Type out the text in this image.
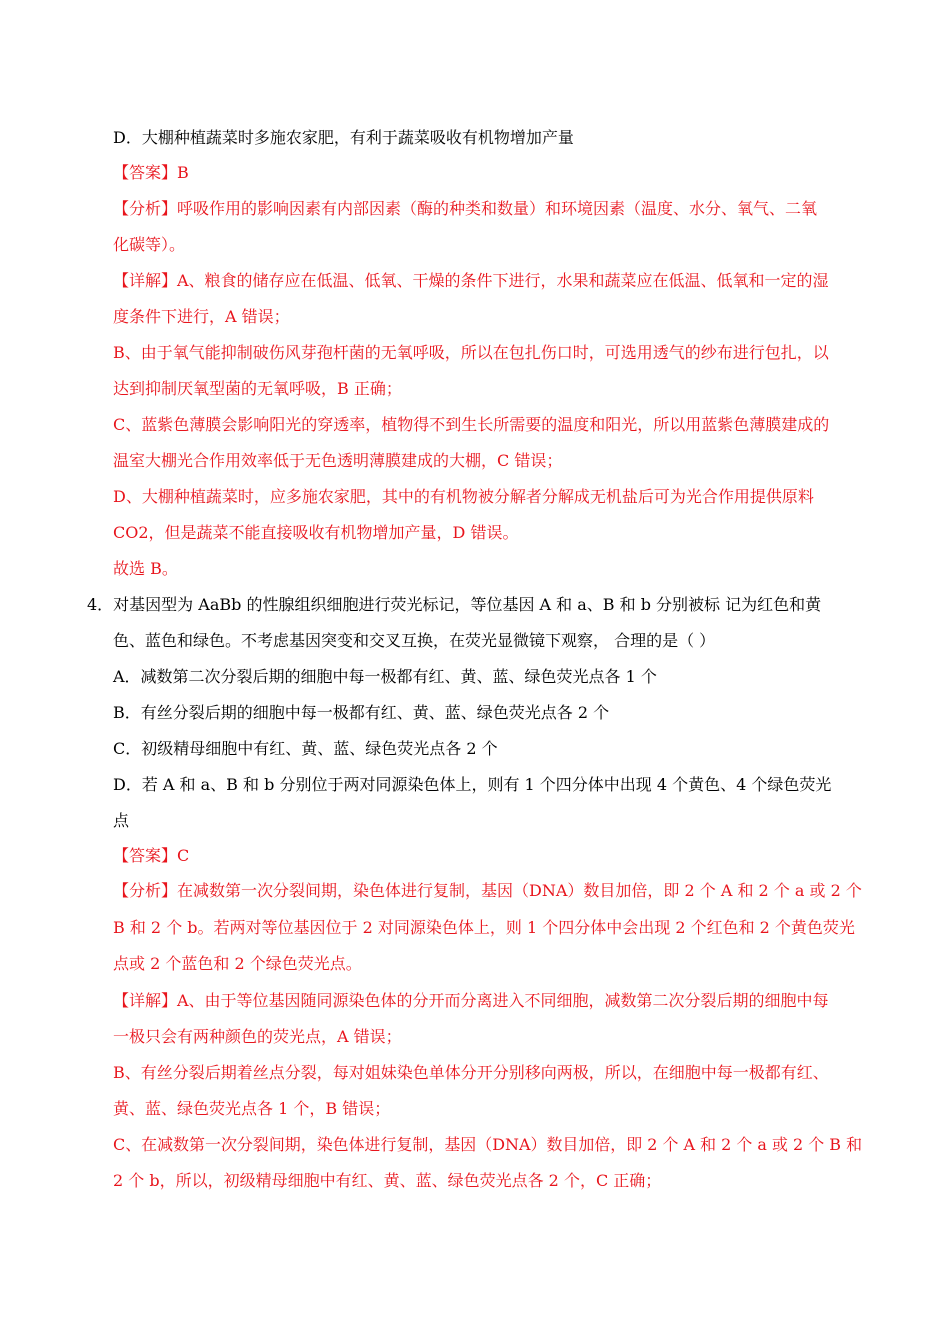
D．大棚种植蔬菜时多施农家肥，有利于蔬菜吸收有机物增加产量
【答案】B
【分析】呼吸作用的影响因素有内部因素（酶的种类和数量）和环境因素（温度、水分、氧气、二氧
化碳等）。
【详解】A、粮食的储存应在低温、低氧、干燥的条件下进行，水果和蔬菜应在低温、低氧和一定的湿
度条件下进行，A 错误；
B、由于氧气能抑制破伤风芽孢杆菌的无氧呼吸，所以在包扎伤口时，可选用透气的纱布进行包扎，以
达到抑制厌氧型菌的无氧呼吸，B 正确；
C、蓝紫色薄膜会影响阳光的穿透率，植物得不到生长所需要的温度和阳光，所以用蓝紫色薄膜建成的
温室大棚光合作用效率低于无色透明薄膜建成的大棚，C 错误；
D、大棚种植蔬菜时，应多施农家肥，其中的有机物被分解者分解成无机盐后可为光合作用提供原料
CO2，但是蔬菜不能直接吸收有机物增加产量，D 错误。
故选 B。
4．对基因型为 AaBb 的性腺组织细胞进行荧光标记，等位基因 A 和 a、B 和 b 分别被标 记为红色和黄
色、蓝色和绿色。不考虑基因突变和交叉互换，在荧光显微镜下观察， 合理的是（ ）
A．减数第二次分裂后期的细胞中每一极都有红、黄、蓝、绿色荧光点各 1 个
B．有丝分裂后期的细胞中每一极都有红、黄、蓝、绿色荧光点各 2 个
C．初级精母细胞中有红、黄、蓝、绿色荧光点各 2 个
D．若 A 和 a、B 和 b 分别位于两对同源染色体上，则有 1 个四分体中出现 4 个黄色、4 个绿色荧光
点
【答案】C
【分析】在减数第一次分裂间期，染色体进行复制，基因（DNA）数目加倍，即 2 个 A 和 2 个 a 或 2 个
B 和 2 个 b。若两对等位基因位于 2 对同源染色体上，则 1 个四分体中会出现 2 个红色和 2 个黄色荧光
点或 2 个蓝色和 2 个绿色荧光点。
【详解】A、由于等位基因随同源染色体的分开而分离进入不同细胞，减数第二次分裂后期的细胞中每
一极只会有两种颜色的荧光点，A 错误；
B、有丝分裂后期着丝点分裂，每对姐妹染色单体分开分别移向两极，所以，在细胞中每一极都有红、
黄、蓝、绿色荧光点各 1 个，B 错误；
C、在减数第一次分裂间期，染色体进行复制，基因（DNA）数目加倍，即 2 个 A 和 2 个 a 或 2 个 B 和
2 个 b，所以，初级精母细胞中有红、黄、蓝、绿色荧光点各 2 个，C 正确；
